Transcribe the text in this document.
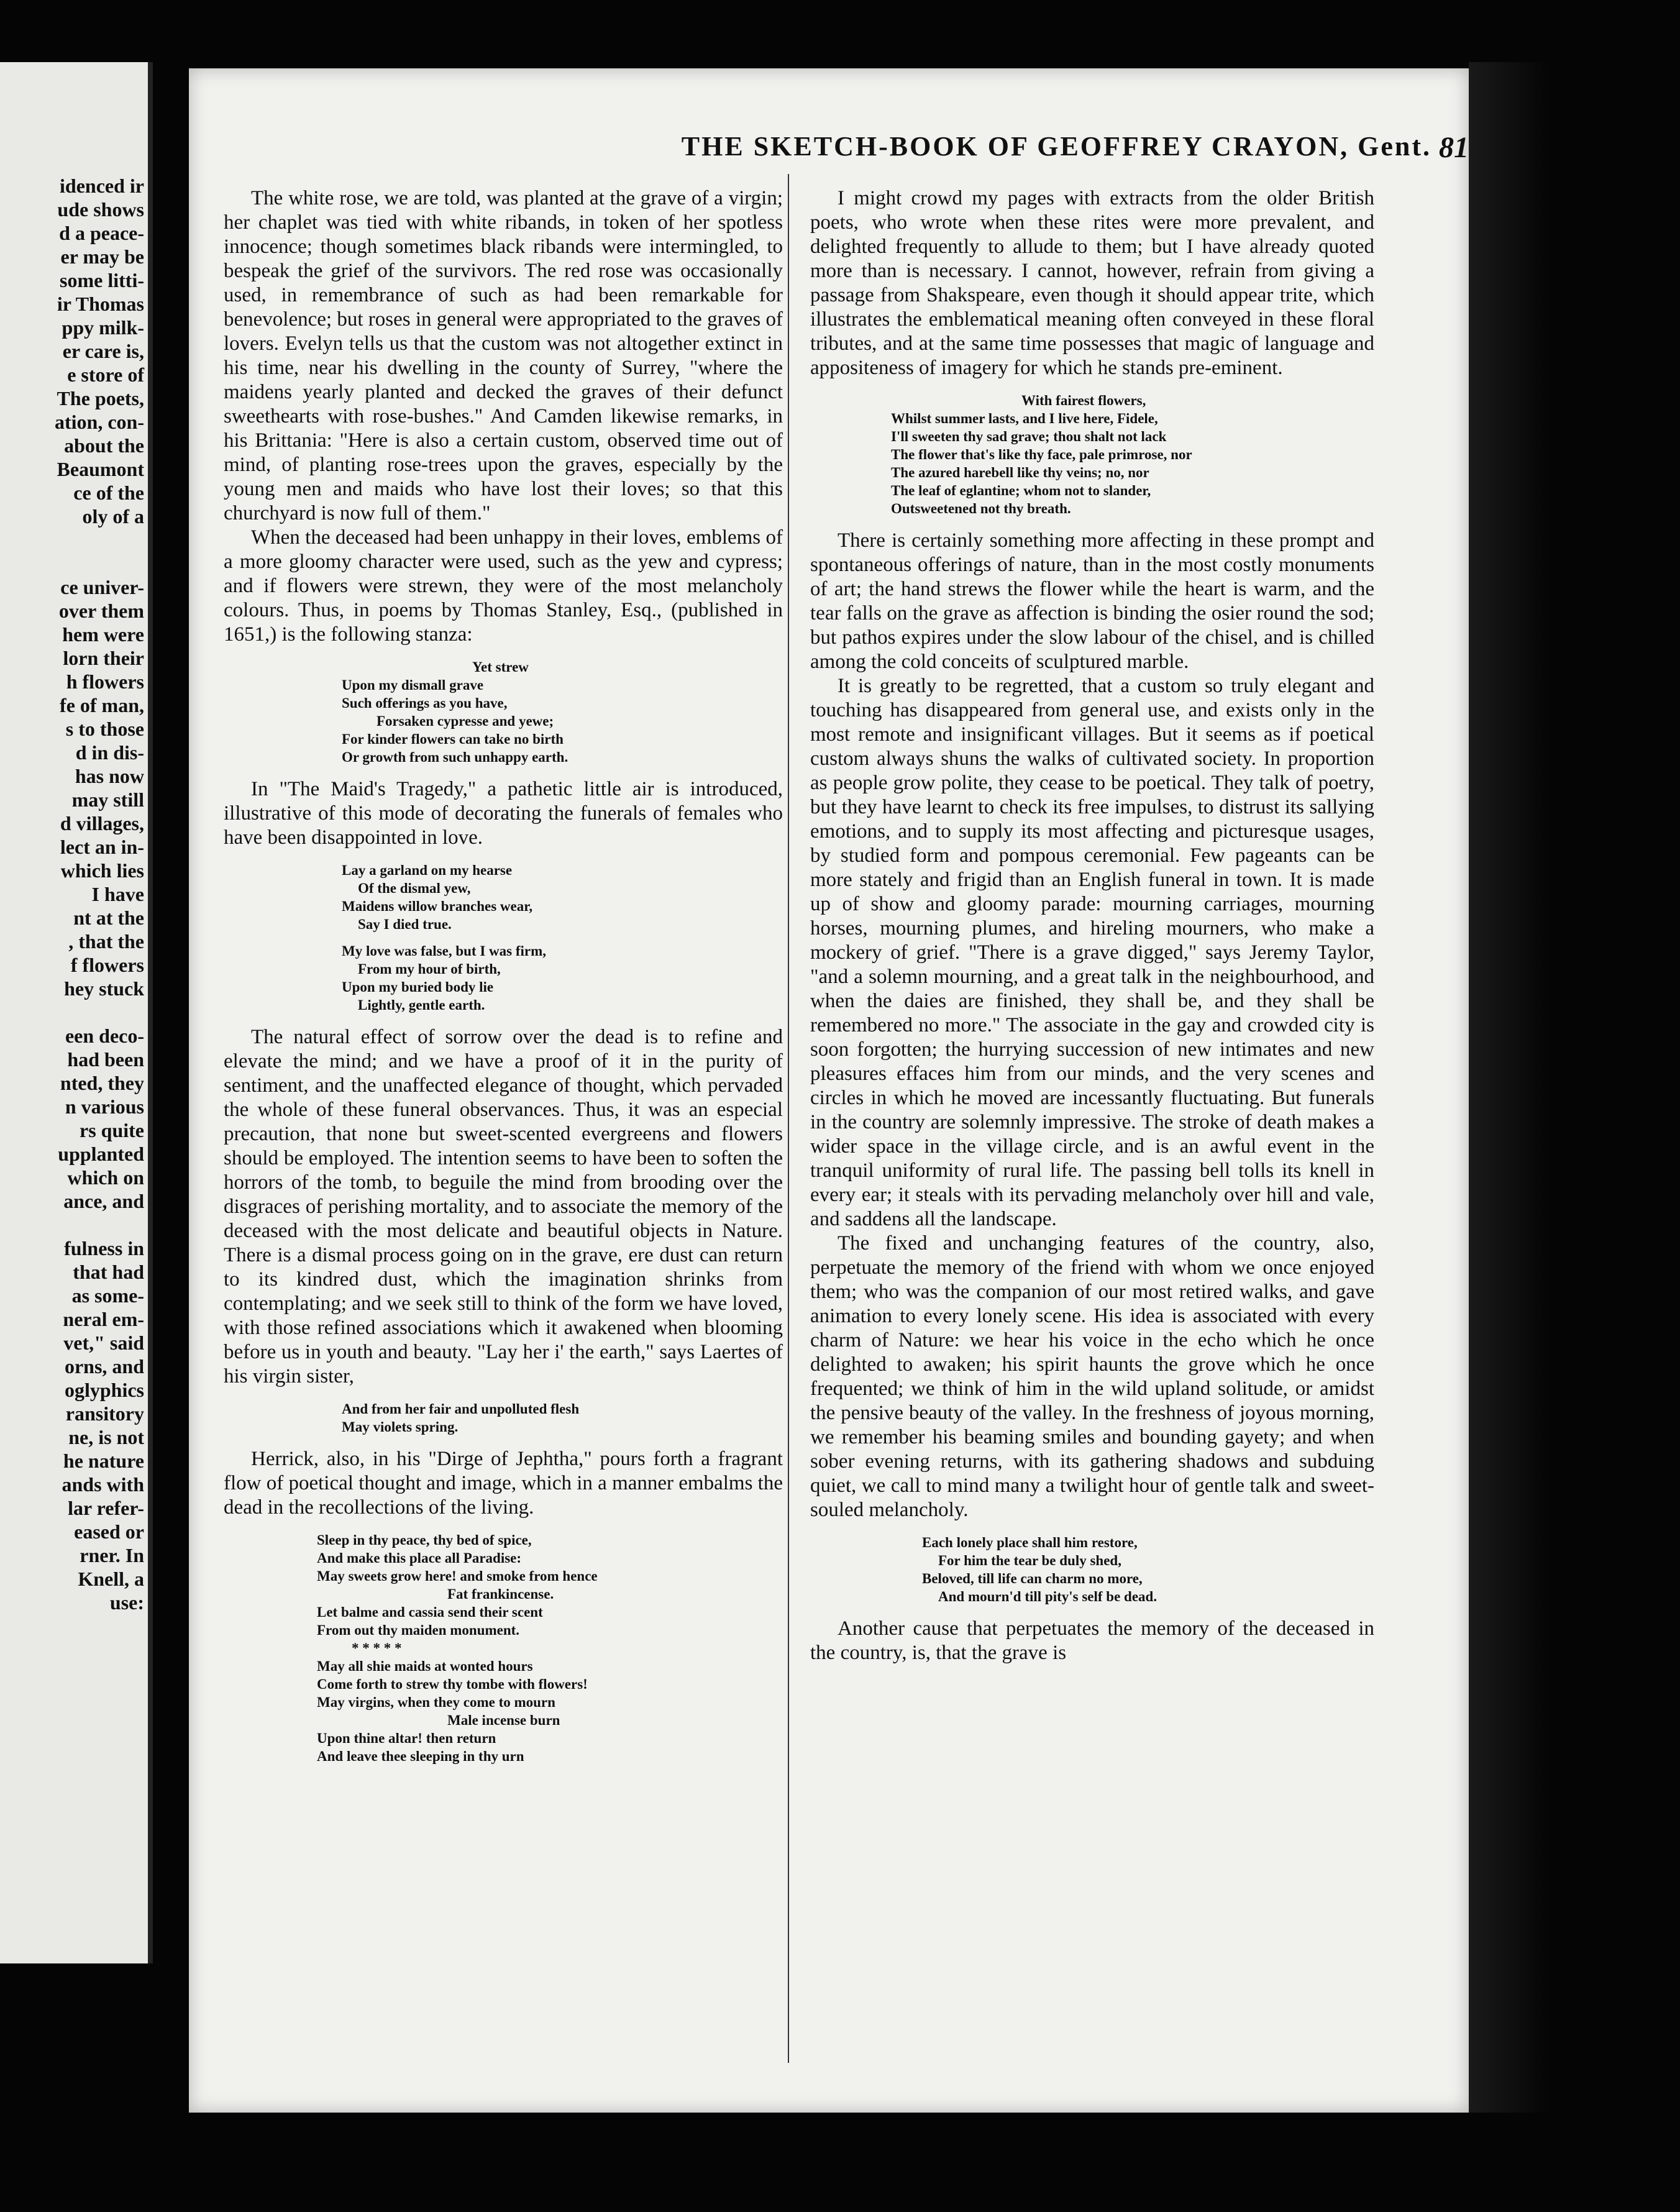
idenced ir
ude shows
d a peace-
er may be
some litti-
ir Thomas
ppy milk-
er care is,
e store of
The poets,
ation, con-
about the
Beaumont
ce of the
oly of a

ce univer-
over them
hem were
lorn their
h flowers
fe of man,
s to those
d in dis-
has now
may still
d villages,
lect an in-
which lies
I have
nt at the
, that the
f flowers
hey stuck

een deco-
had been
nted, they
n various
rs quite
upplanted
which on
ance, and

fulness in
that had
as some-
neral em-
vet," said
orns, and
oglyphics
ransitory
ne, is not
he nature
ands with
lar refer-
eased or
rner. In
Knell, a
use:
THE SKETCH-BOOK OF GEOFFREY CRAYON, Gent. 81

The white rose, we are told, was planted at the grave of a virgin; her chaplet was tied with white ribands, in token of her spotless innocence; though sometimes black ribands were intermingled, to bespeak the grief of the survivors. The red rose was occasionally used, in remembrance of such as had been remarkable for benevolence; but roses in general were appropriated to the graves of lovers. Evelyn tells us that the custom was not altogether extinct in his time, near his dwelling in the county of Surrey, "where the maidens yearly planted and decked the graves of their defunct sweethearts with rose-bushes." And Camden likewise remarks, in his Brittania: "Here is also a certain custom, observed time out of mind, of planting rose-trees upon the graves, especially by the young men and maids who have lost their loves; so that this churchyard is now full of them."

When the deceased had been unhappy in their loves, emblems of a more gloomy character were used, such as the yew and cypress; and if flowers were strewn, they were of the most melancholy colours. Thus, in poems by Thomas Stanley, Esq., (published in 1651,) is the following stanza:

Yet strew
Upon my dismall grave
Such offerings as you have,
Forsaken cypresse and yewe;
For kinder flowers can take no birth
Or growth from such unhappy earth.

In "The Maid's Tragedy," a pathetic little air is introduced, illustrative of this mode of decorating the funerals of females who have been disappointed in love.

Lay a garland on my hearse
Of the dismal yew,
Maidens willow branches wear,
Say I died true.
My love was false, but I was firm,
From my hour of birth,
Upon my buried body lie
Lightly, gentle earth.

The natural effect of sorrow over the dead is to refine and elevate the mind; and we have a proof of it in the purity of sentiment, and the unaffected elegance of thought, which pervaded the whole of these funeral observances. Thus, it was an especial precaution, that none but sweet-scented evergreens and flowers should be employed. The intention seems to have been to soften the horrors of the tomb, to beguile the mind from brooding over the disgraces of perishing mortality, and to associate the memory of the deceased with the most delicate and beautiful objects in Nature. There is a dismal process going on in the grave, ere dust can return to its kindred dust, which the imagination shrinks from contemplating; and we seek still to think of the form we have loved, with those refined associations which it awakened when blooming before us in youth and beauty. "Lay her i' the earth," says Laertes of his virgin sister,

And from her fair and unpolluted flesh
May violets spring.

Herrick, also, in his "Dirge of Jephtha," pours forth a fragrant flow of poetical thought and image, which in a manner embalms the dead in the recollections of the living.

Sleep in thy peace, thy bed of spice,
And make this place all Paradise:
May sweets grow here! and smoke from hence
Fat frankincense.
Let balme and cassia send their scent
From out thy maiden monument.
* * * * *
May all shie maids at wonted hours
Come forth to strew thy tombe with flowers!
May virgins, when they come to mourn
Male incense burn
Upon thine altar! then return
And leave thee sleeping in thy urn

I might crowd my pages with extracts from the older British poets, who wrote when these rites were more prevalent, and delighted frequently to allude to them; but I have already quoted more than is necessary. I cannot, however, refrain from giving a passage from Shakspeare, even though it should appear trite, which illustrates the emblematical meaning often conveyed in these floral tributes, and at the same time possesses that magic of language and appositeness of imagery for which he stands pre-eminent.

With fairest flowers,
Whilst summer lasts, and I live here, Fidele,
I'll sweeten thy sad grave; thou shalt not lack
The flower that's like thy face, pale primrose, nor
The azured harebell like thy veins; no, nor
The leaf of eglantine; whom not to slander,
Outsweetened not thy breath.

There is certainly something more affecting in these prompt and spontaneous offerings of nature, than in the most costly monuments of art; the hand strews the flower while the heart is warm, and the tear falls on the grave as affection is binding the osier round the sod; but pathos expires under the slow labour of the chisel, and is chilled among the cold conceits of sculptured marble.

It is greatly to be regretted, that a custom so truly elegant and touching has disappeared from general use, and exists only in the most remote and insignificant villages. But it seems as if poetical custom always shuns the walks of cultivated society. In proportion as people grow polite, they cease to be poetical. They talk of poetry, but they have learnt to check its free impulses, to distrust its sallying emotions, and to supply its most affecting and picturesque usages, by studied form and pompous ceremonial. Few pageants can be more stately and frigid than an English funeral in town. It is made up of show and gloomy parade: mourning carriages, mourning horses, mourning plumes, and hireling mourners, who make a mockery of grief. "There is a grave digged," says Jeremy Taylor, "and a solemn mourning, and a great talk in the neighbourhood, and when the daies are finished, they shall be, and they shall be remembered no more." The associate in the gay and crowded city is soon forgotten; the hurrying succession of new intimates and new pleasures effaces him from our minds, and the very scenes and circles in which he moved are incessantly fluctuating. But funerals in the country are solemnly impressive. The stroke of death makes a wider space in the village circle, and is an awful event in the tranquil uniformity of rural life. The passing bell tolls its knell in every ear; it steals with its pervading melancholy over hill and vale, and saddens all the landscape.

The fixed and unchanging features of the country, also, perpetuate the memory of the friend with whom we once enjoyed them; who was the companion of our most retired walks, and gave animation to every lonely scene. His idea is associated with every charm of Nature: we hear his voice in the echo which he once delighted to awaken; his spirit haunts the grove which he once frequented; we think of him in the wild upland solitude, or amidst the pensive beauty of the valley. In the freshness of joyous morning, we remember his beaming smiles and bounding gayety; and when sober evening returns, with its gathering shadows and subduing quiet, we call to mind many a twilight hour of gentle talk and sweet-souled melancholy.

Each lonely place shall him restore,
For him the tear be duly shed,
Beloved, till life can charm no more,
And mourn'd till pity's self be dead.

Another cause that perpetuates the memory of the deceased in the country, is, that the grave is
